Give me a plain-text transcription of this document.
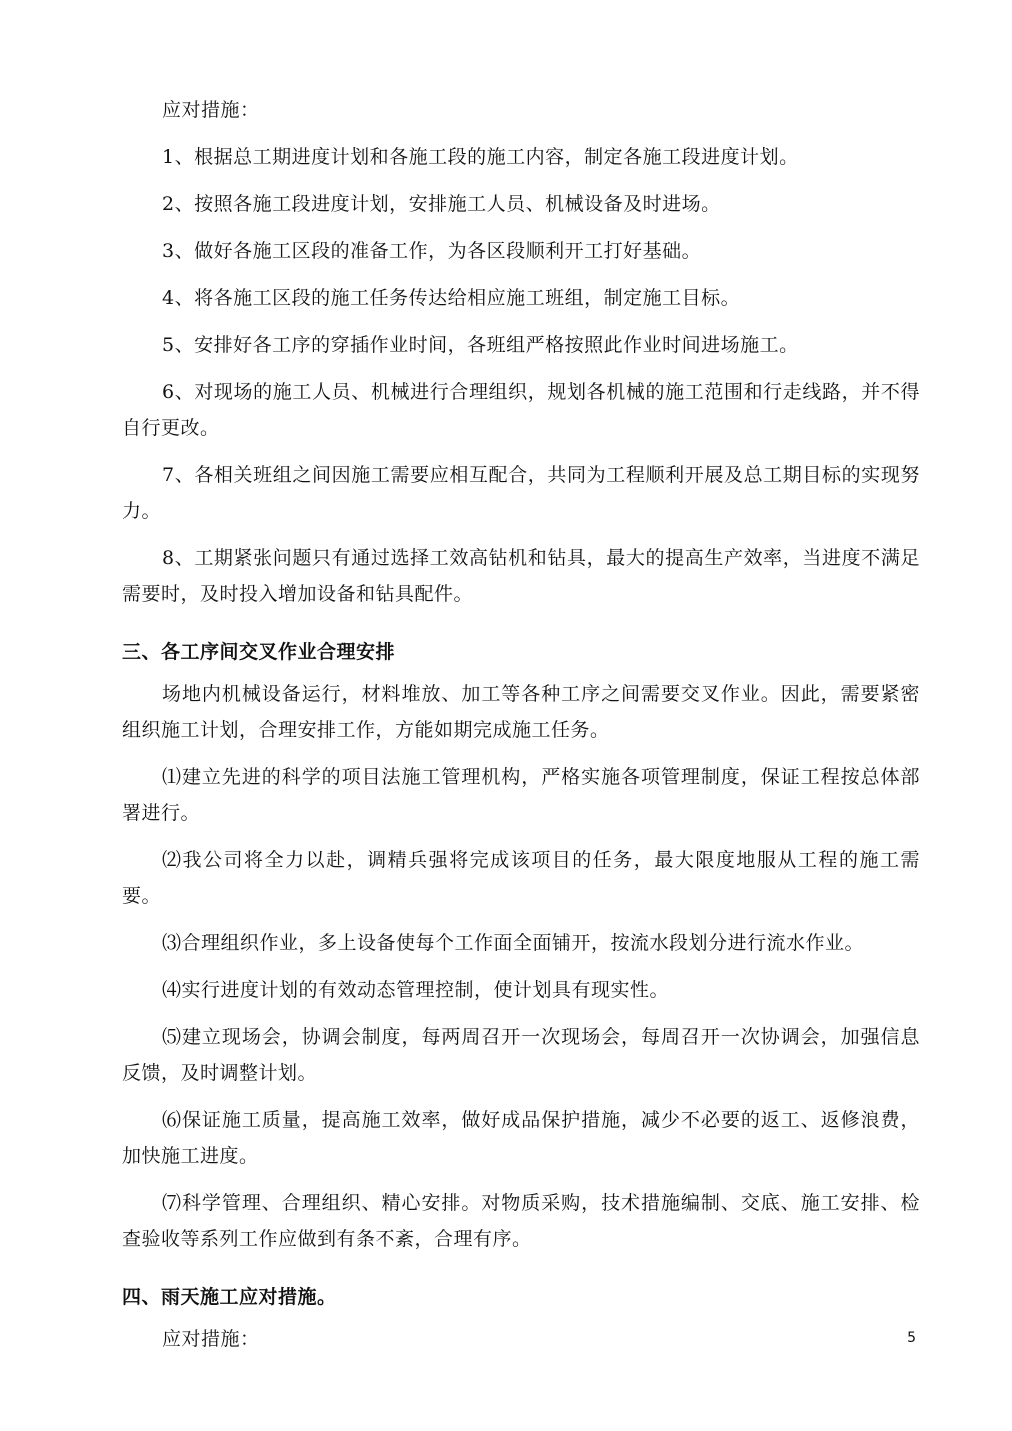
应对措施：

1、根据总工期进度计划和各施工段的施工内容，制定各施工段进度计划。

2、按照各施工段进度计划，安排施工人员、机械设备及时进场。

3、做好各施工区段的准备工作，为各区段顺利开工打好基础。

4、将各施工区段的施工任务传达给相应施工班组，制定施工目标。

5、安排好各工序的穿插作业时间，各班组严格按照此作业时间进场施工。

6、对现场的施工人员、机械进行合理组织，规划各机械的施工范围和行走线路，并不得自行更改。

7、各相关班组之间因施工需要应相互配合，共同为工程顺利开展及总工期目标的实现努力。

8、工期紧张问题只有通过选择工效高钻机和钻具，最大的提高生产效率，当进度不满足需要时，及时投入增加设备和钻具配件。

三、各工序间交叉作业合理安排

场地内机械设备运行，材料堆放、加工等各种工序之间需要交叉作业。因此，需要紧密组织施工计划，合理安排工作，方能如期完成施工任务。

⑴建立先进的科学的项目法施工管理机构，严格实施各项管理制度，保证工程按总体部署进行。

⑵我公司将全力以赴，调精兵强将完成该项目的任务，最大限度地服从工程的施工需要。

⑶合理组织作业，多上设备使每个工作面全面铺开，按流水段划分进行流水作业。

⑷实行进度计划的有效动态管理控制，使计划具有现实性。

⑸建立现场会，协调会制度，每两周召开一次现场会，每周召开一次协调会，加强信息反馈，及时调整计划。

⑹保证施工质量，提高施工效率，做好成品保护措施，减少不必要的返工、返修浪费，加快施工进度。

⑺科学管理、合理组织、精心安排。对物质采购，技术措施编制、交底、施工安排、检查验收等系列工作应做到有条不紊，合理有序。

四、雨天施工应对措施。

应对措施：	5
